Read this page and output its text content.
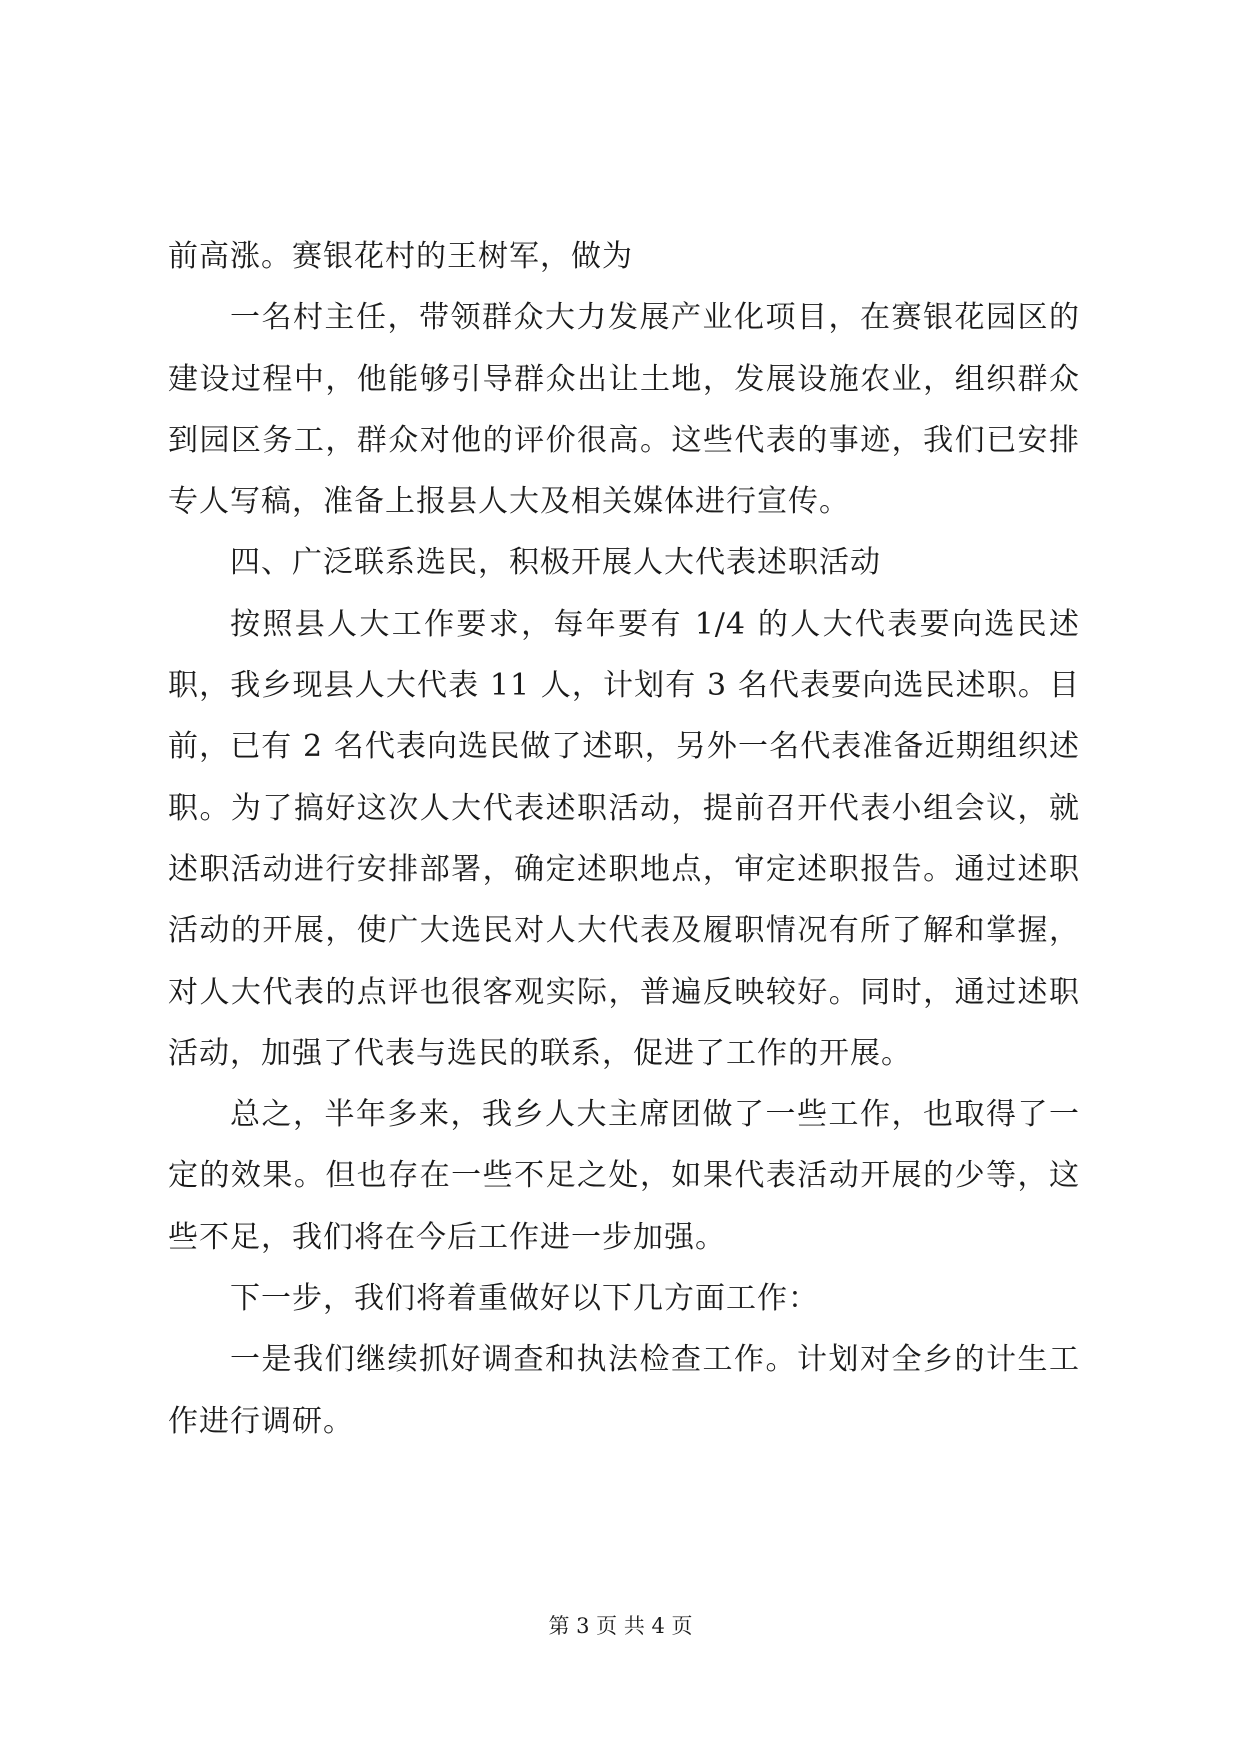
前高涨。赛银花村的王树军，做为

一名村主任，带领群众大力发展产业化项目，在赛银花园区的建设过程中，他能够引导群众出让土地，发展设施农业，组织群众到园区务工，群众对他的评价很高。这些代表的事迹，我们已安排专人写稿，准备上报县人大及相关媒体进行宣传。

四、广泛联系选民，积极开展人大代表述职活动

按照县人大工作要求，每年要有 1/4 的人大代表要向选民述职，我乡现县人大代表 11 人，计划有 3 名代表要向选民述职。目前，已有 2 名代表向选民做了述职，另外一名代表准备近期组织述职。为了搞好这次人大代表述职活动，提前召开代表小组会议，就述职活动进行安排部署，确定述职地点，审定述职报告。通过述职活动的开展，使广大选民对人大代表及履职情况有所了解和掌握，对人大代表的点评也很客观实际，普遍反映较好。同时，通过述职活动，加强了代表与选民的联系，促进了工作的开展。

总之，半年多来，我乡人大主席团做了一些工作，也取得了一定的效果。但也存在一些不足之处，如果代表活动开展的少等，这些不足，我们将在今后工作进一步加强。

下一步，我们将着重做好以下几方面工作：

一是我们继续抓好调查和执法检查工作。计划对全乡的计生工作进行调研。

第 3 页 共 4 页
